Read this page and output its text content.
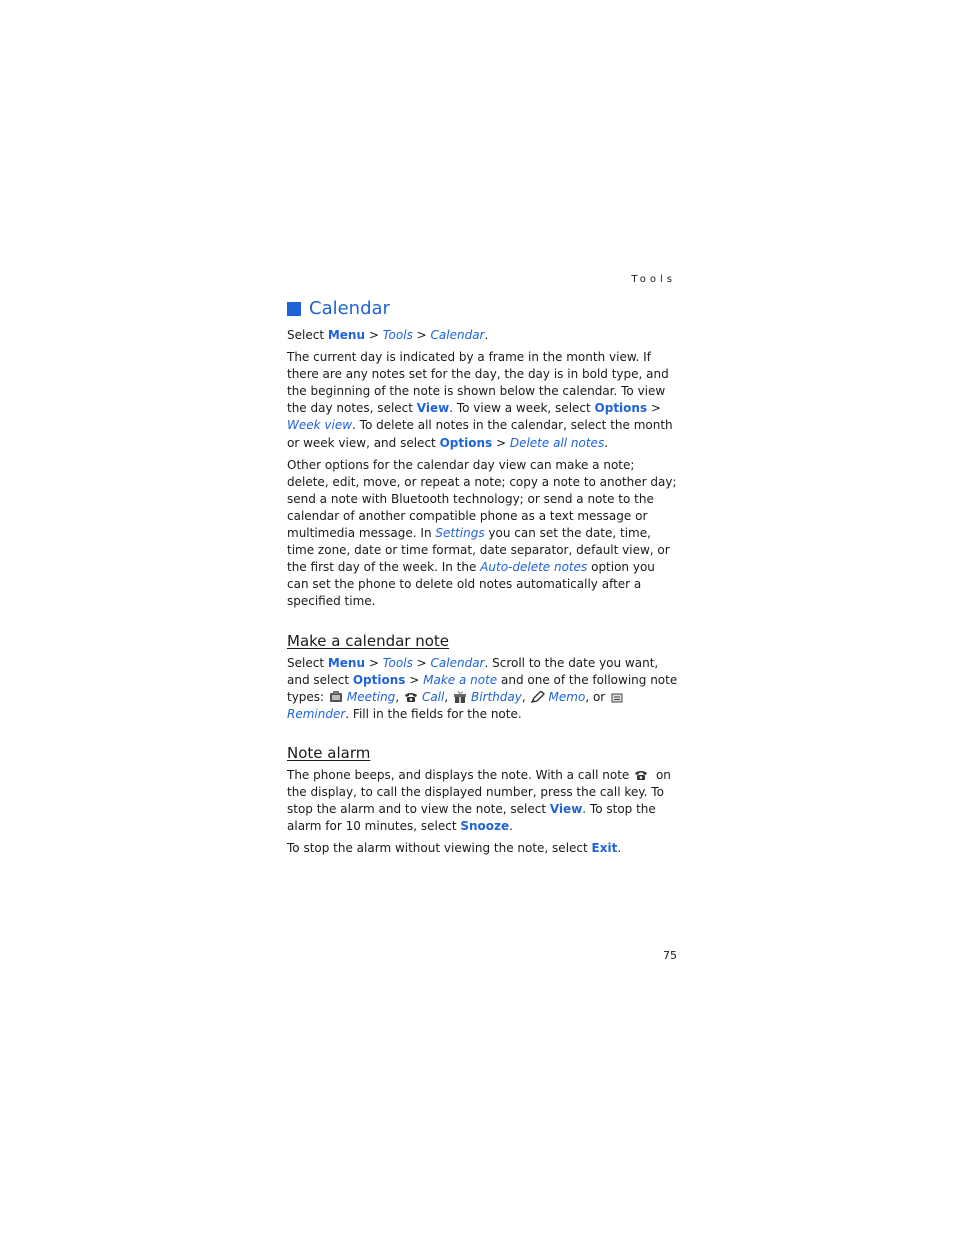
Tools
Calendar

Select Menu > Tools > Calendar.

The current day is indicated by a frame in the month view. If there are any notes set for the day, the day is in bold type, and the beginning of the note is shown below the calendar. To view the day notes, select View. To view a week, select Options > Week view. To delete all notes in the calendar, select the month or week view, and select Options > Delete all notes.

Other options for the calendar day view can make a note; delete, edit, move, or repeat a note; copy a note to another day; send a note with Bluetooth technology; or send a note to the calendar of another compatible phone as a text message or multimedia message. In Settings you can set the date, time, time zone, date or time format, date separator, default view, or the first day of the week. In the Auto-delete notes option you can set the phone to delete old notes automatically after a specified time.

Make a calendar note

Select Menu > Tools > Calendar. Scroll to the date you want, and select Options > Make a note and one of the following note types:
Meeting,
Call,
Birthday,
Memo, or
Reminder. Fill in the fields for the note.

Note alarm

The phone beeps, and displays the note. With a call note
on the display, to call the displayed number, press the call key. To stop the alarm and to view the note, select View. To stop the alarm for 10 minutes, select Snooze.

To stop the alarm without viewing the note, select Exit.

75
